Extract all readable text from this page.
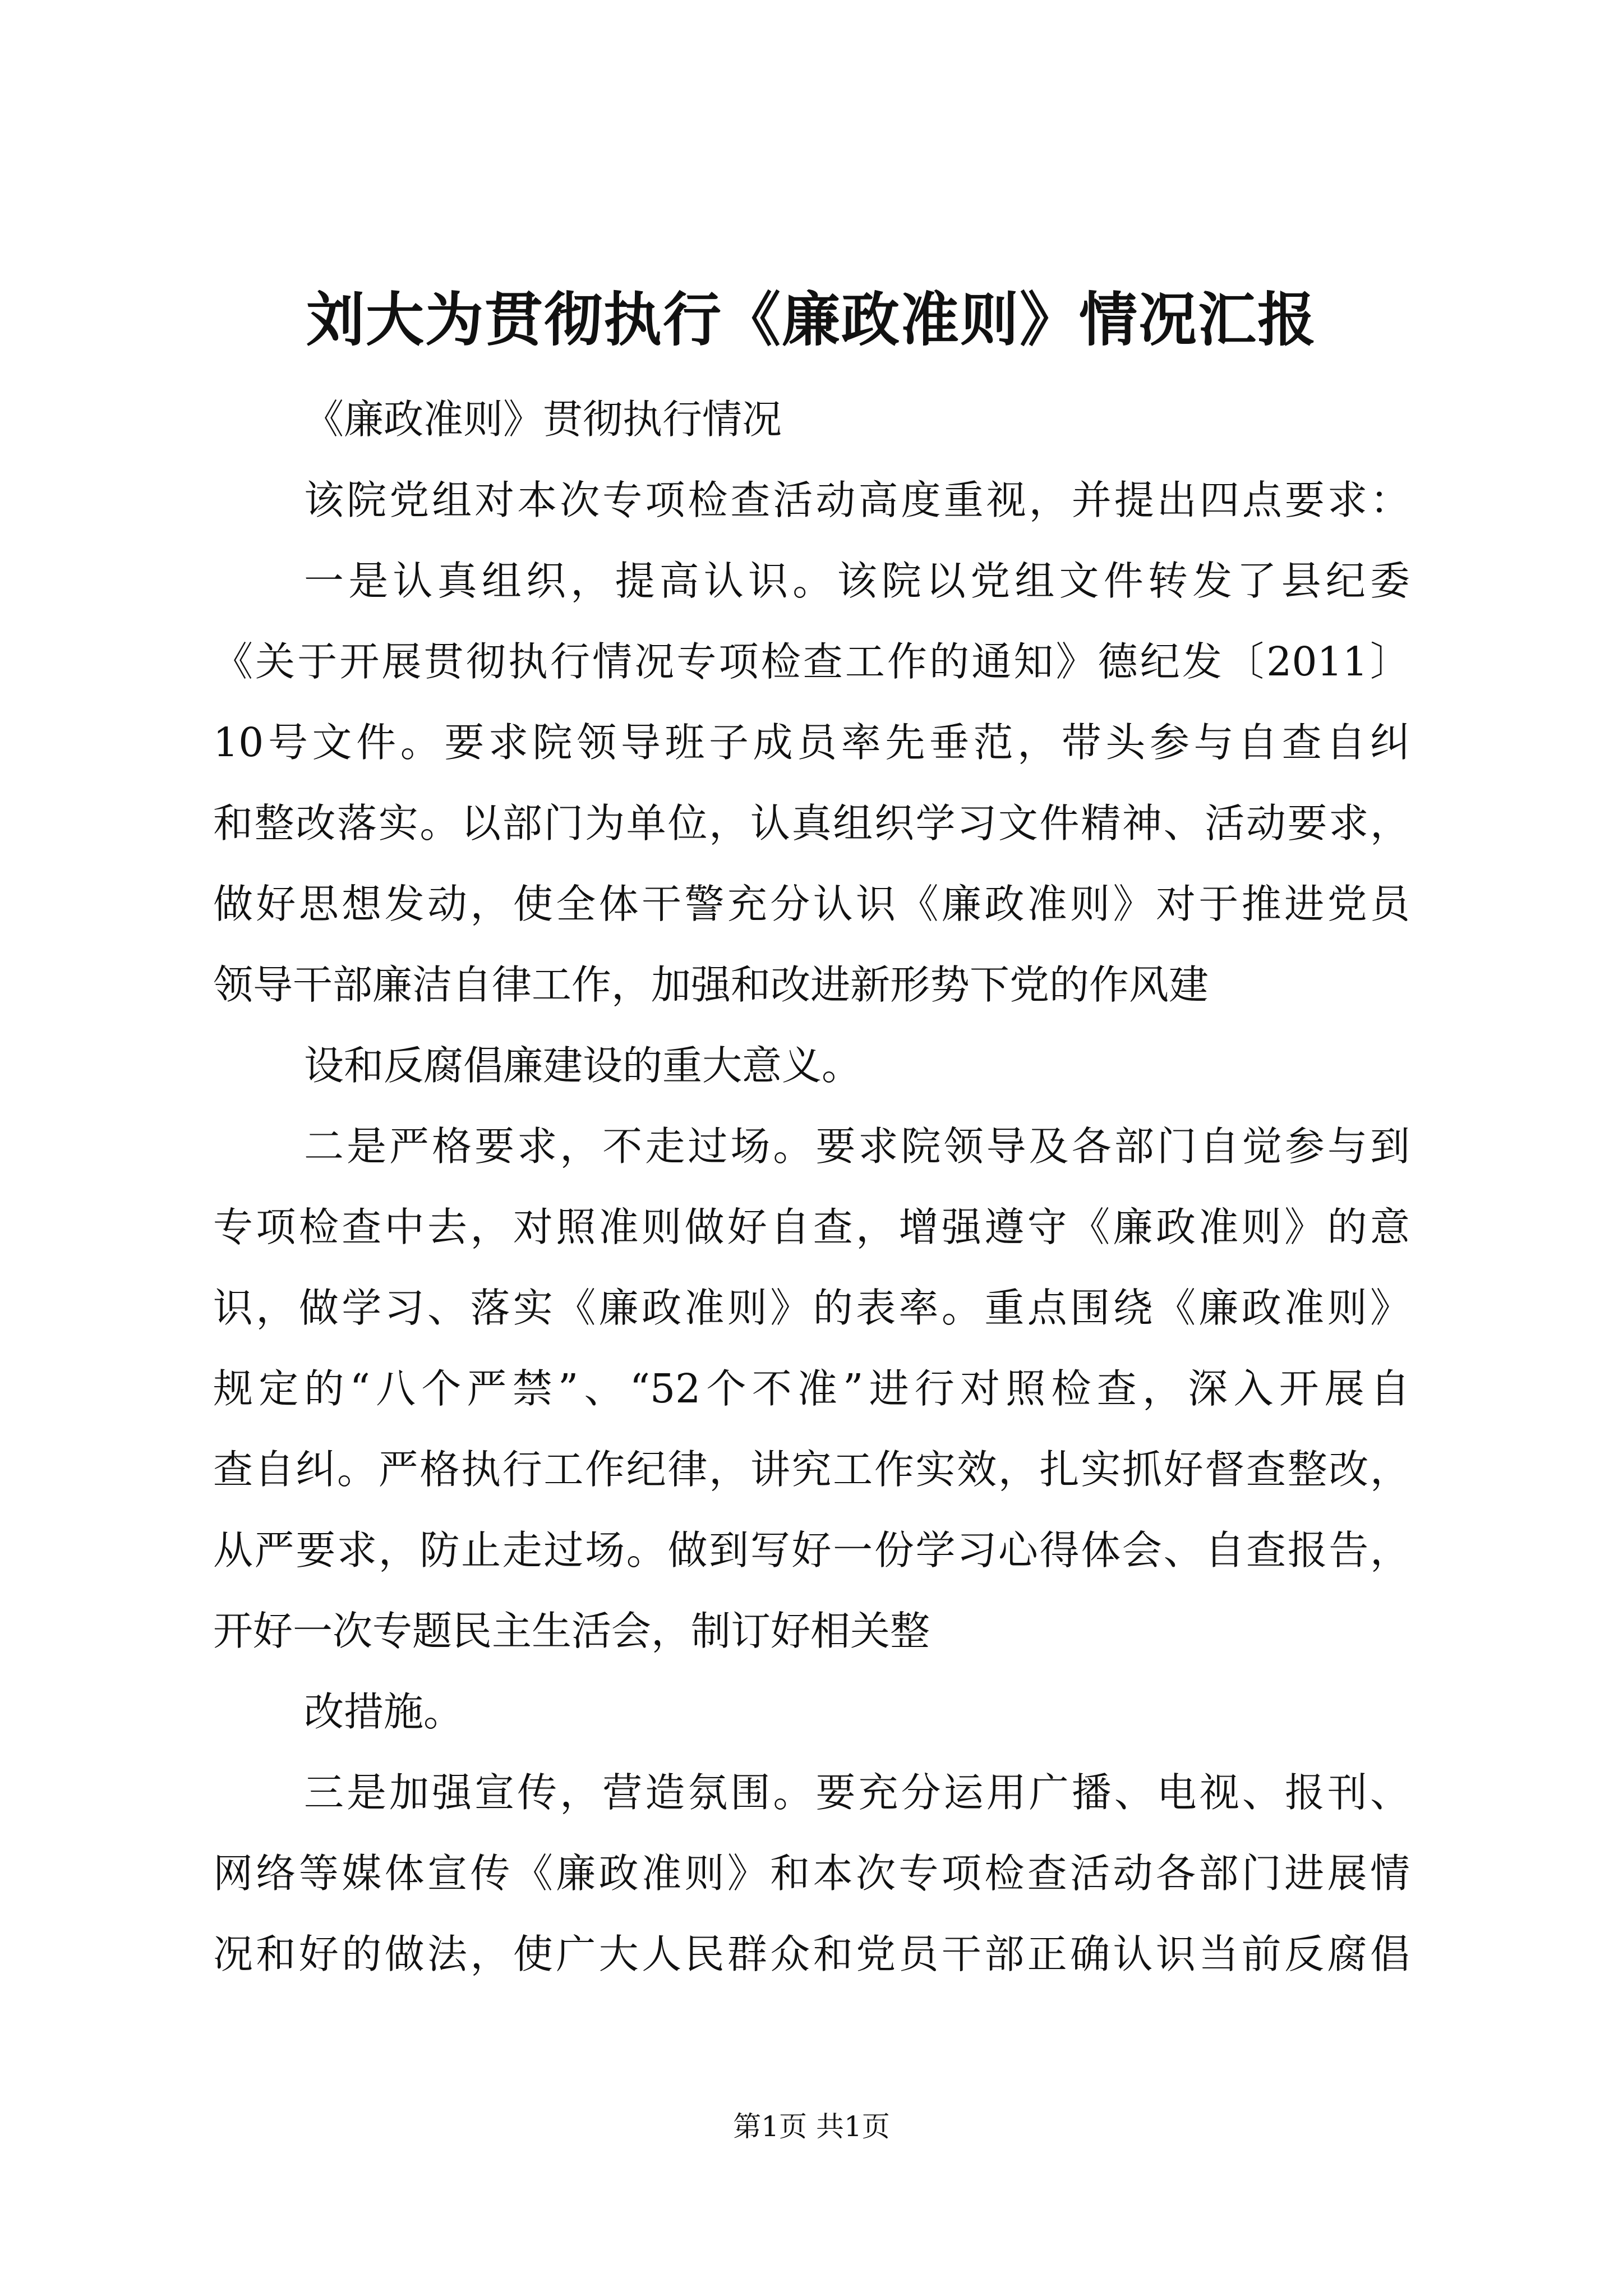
刘大为贯彻执行《廉政准则》情况汇报
《廉政准则》贯彻执行情况
该院党组对本次专项检查活动高度重视，并提出四点要求：
一是认真组织，提高认识。该院以党组文件转发了县纪委
《关于开展贯彻执行情况专项检查工作的通知》德纪发〔2011〕
10号文件。要求院领导班子成员率先垂范，带头参与自查自纠
和整改落实。以部门为单位，认真组织学习文件精神、活动要求，
做好思想发动，使全体干警充分认识《廉政准则》对于推进党员
领导干部廉洁自律工作，加强和改进新形势下党的作风建
设和反腐倡廉建设的重大意义。
二是严格要求，不走过场。要求院领导及各部门自觉参与到
专项检查中去，对照准则做好自查，增强遵守《廉政准则》的意
识，做学习、落实《廉政准则》的表率。重点围绕《廉政准则》
规定的“八个严禁”、“52个不准”进行对照检查，深入开展自
查自纠。严格执行工作纪律，讲究工作实效，扎实抓好督查整改，
从严要求，防止走过场。做到写好一份学习心得体会、自查报告，
开好一次专题民主生活会，制订好相关整
改措施。
三是加强宣传，营造氛围。要充分运用广播、电视、报刊、
网络等媒体宣传《廉政准则》和本次专项检查活动各部门进展情
况和好的做法，使广大人民群众和党员干部正确认识当前反腐倡
第1页 共1页
